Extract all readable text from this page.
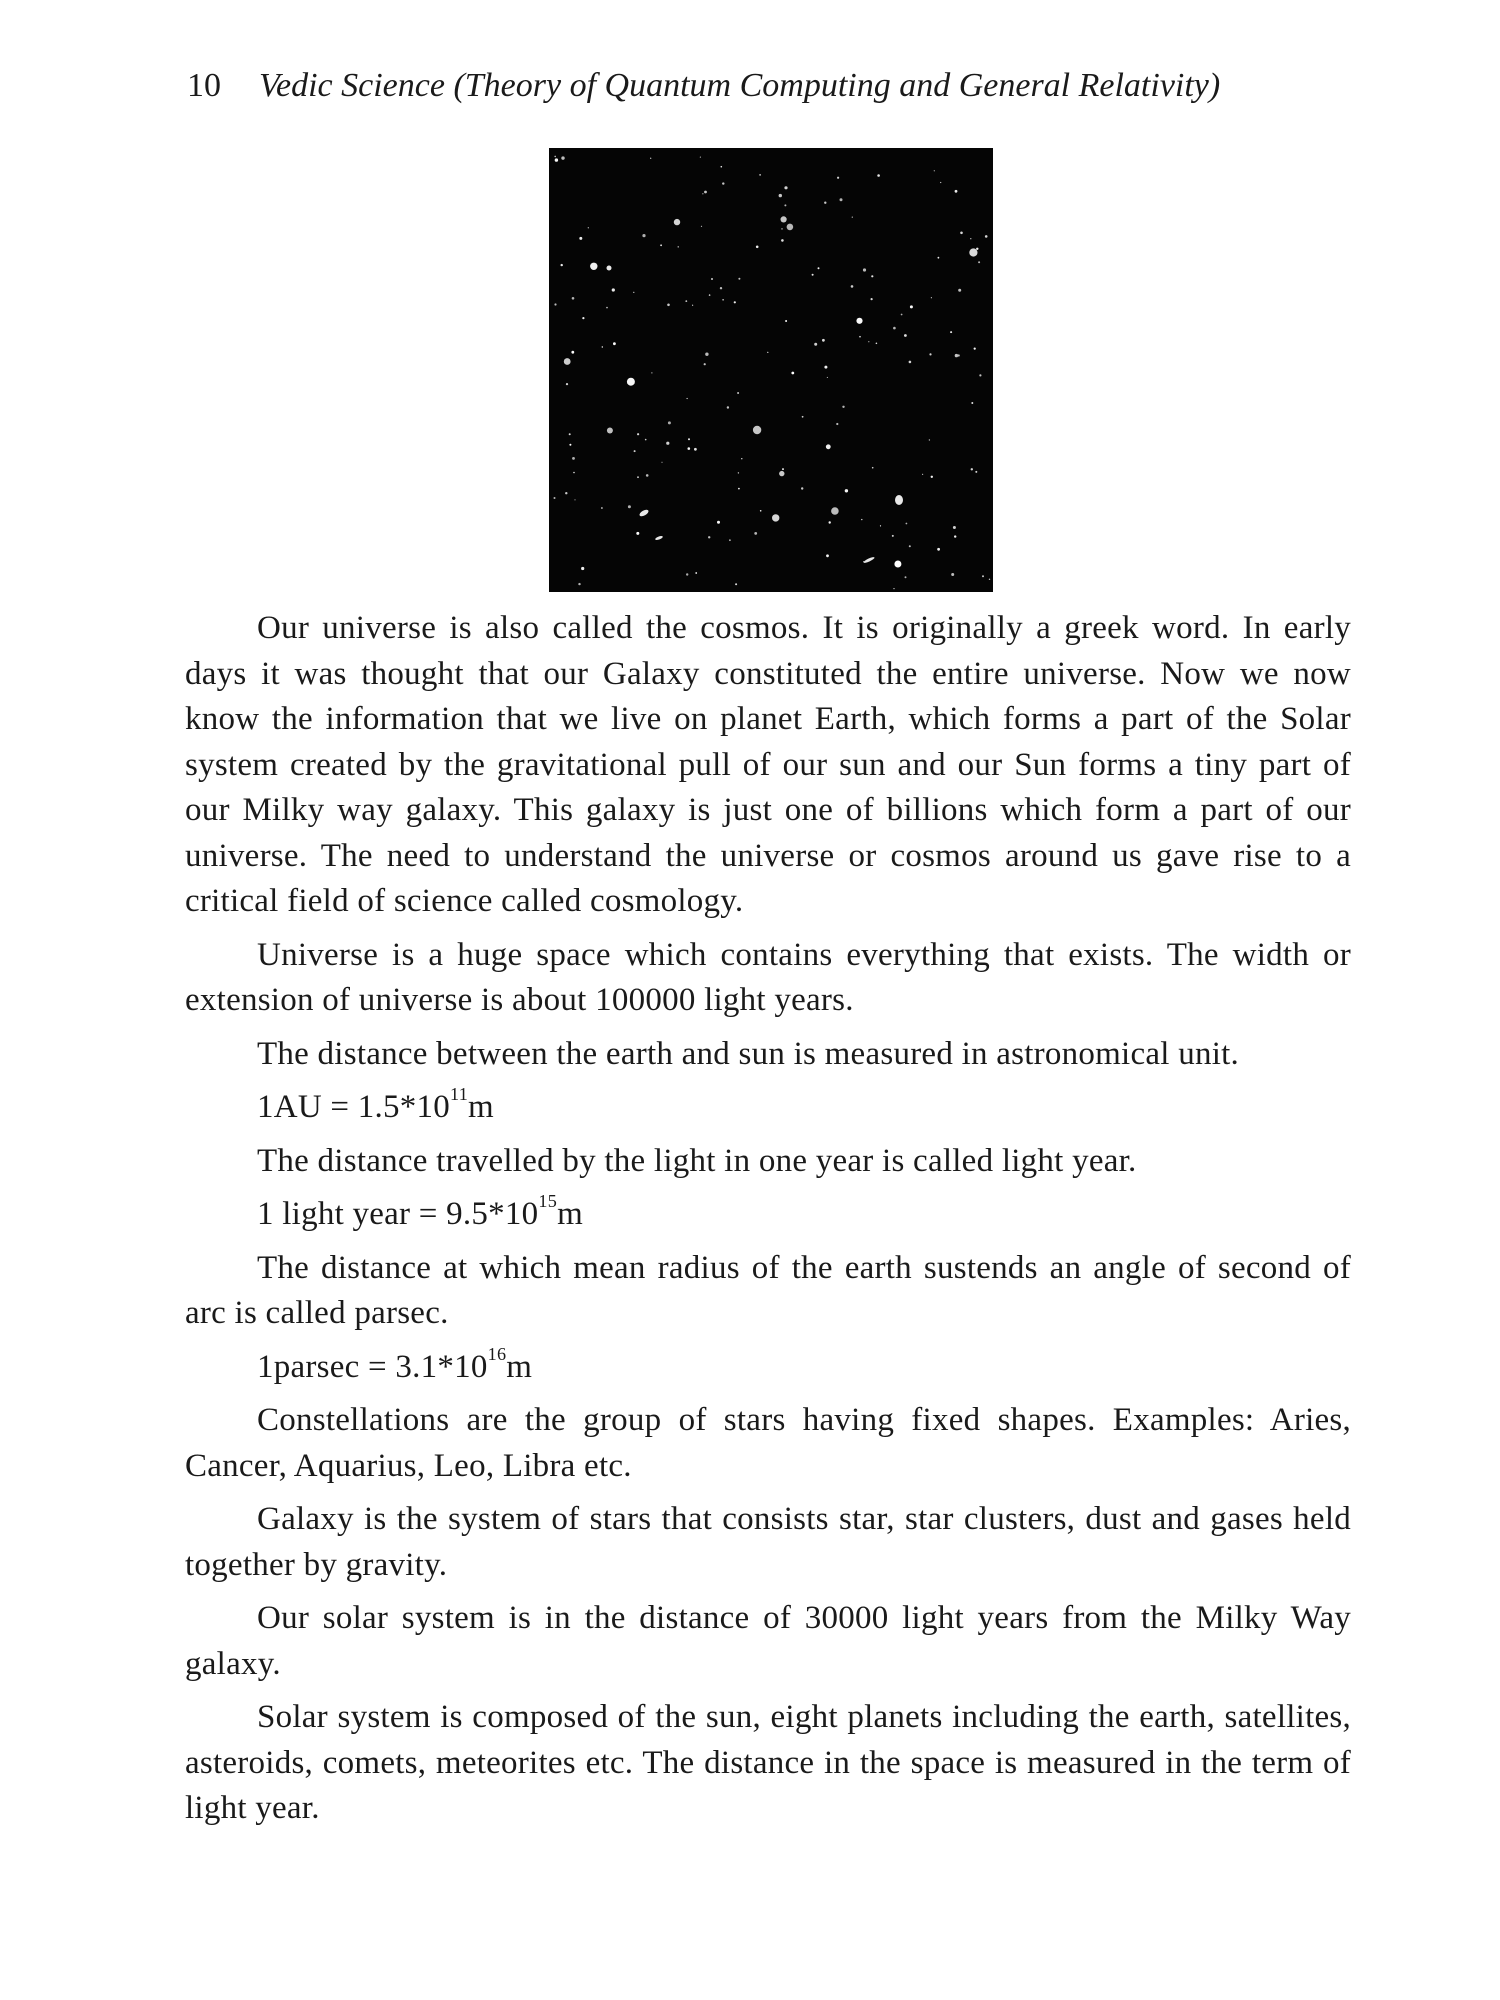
10 Vedic Science (Theory of Quantum Computing and General Relativity)

Our universe is also called the cosmos. It is originally a greek word. In early days it was thought that our Galaxy constituted the entire universe. Now we now know the information that we live on planet Earth, which forms a part of the Solar system created by the gravitational pull of our sun and our Sun forms a tiny part of our Milky way galaxy. This galaxy is just one of billions which form a part of our universe. The need to understand the universe or cosmos around us gave rise to a critical field of science called cosmology.

Universe is a huge space which contains everything that exists. The width or extension of universe is about 100000 light years.

The distance between the earth and sun is measured in astronomical unit.

$1AU = 1.5*10^{11}m$

The distance travelled by the light in one year is called light year.

1 light year = $9.5*10^{15}m$

The distance at which mean radius of the earth sustends an angle of second of arc is called parsec.

$1parsec = 3.1*10^{16}m$

Constellations are the group of stars having fixed shapes. Examples: Aries, Cancer, Aquarius, Leo, Libra etc.

Galaxy is the system of stars that consists star, star clusters, dust and gases held together by gravity.

Our solar system is in the distance of 30000 light years from the Milky Way galaxy.

Solar system is composed of the sun, eight planets including the earth, satellites, asteroids, comets, meteorites etc. The distance in the space is measured in the term of light year.
